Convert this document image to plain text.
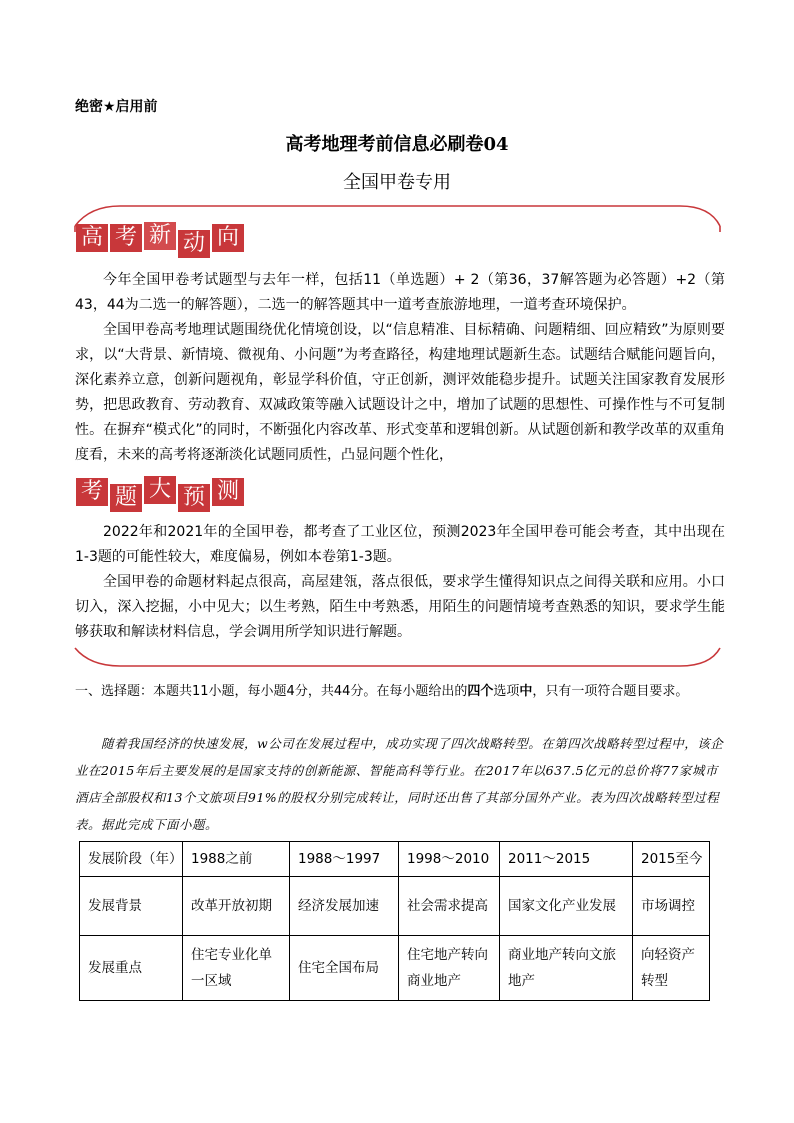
绝密★启用前
高考地理考前信息必刷卷04
全国甲卷专用
高 考 新 动 向

今年全国甲卷考试题型与去年一样，包括11（单选题）+ 2（第36，37解答题为必答题）+2（第43，44为二选一的解答题），二选一的解答题其中一道考查旅游地理，一道考查环境保护。

全国甲卷高考地理试题围绕优化情境创设，以“信息精准、目标精确、问题精细、回应精致”为原则要求，以“大背景、新情境、微视角、小问题”为考查路径，构建地理试题新生态。试题结合赋能问题旨向，深化素养立意，创新问题视角，彰显学科价值，守正创新，测评效能稳步提升。试题关注国家教育发展形势，把思政教育、劳动教育、双减政策等融入试题设计之中，增加了试题的思想性、可操作性与不可复制性。在摒弃“模式化”的同时，不断强化内容改革、形式变革和逻辑创新。从试题创新和教学改革的双重角度看，未来的高考将逐渐淡化试题同质性，凸显问题个性化，

考 题 大 预 测

2022年和2021年的全国甲卷，都考查了工业区位，预测2023年全国甲卷可能会考查，其中出现在1-3题的可能性较大，难度偏易，例如本卷第1-3题。

全国甲卷的命题材料起点很高，高屋建瓴，落点很低，要求学生懂得知识点之间得关联和应用。小口切入，深入挖掘，小中见大；以生考熟，陌生中考熟悉，用陌生的问题情境考查熟悉的知识，要求学生能够获取和解读材料信息，学会调用所学知识进行解题。

一、选择题：本题共11小题，每小题4分，共44分。在每小题给出的四个选项中，只有一项符合题目要求。

随着我国经济的快速发展，w公司在发展过程中，成功实现了四次战略转型。在第四次战略转型过程中，该企业在2015年后主要发展的是国家支持的创新能源、智能高科等行业。在2017年以637.5亿元的总价将77家城市酒店全部股权和13个文旅项目91%的股权分别完成转让，同时还出售了其部分国外产业。表为四次战略转型过程表。据此完成下面小题。

发展阶段（年）	1988之前	1988～1997	1998～2010	2011～2015	2015至今
发展背景	改革开放初期	经济发展加速	社会需求提高	国家文化产业发展	市场调控
发展重点	住宅专业化单一区域	住宅全国布局	住宅地产转向商业地产	商业地产转向文旅地产	向轻资产转型
